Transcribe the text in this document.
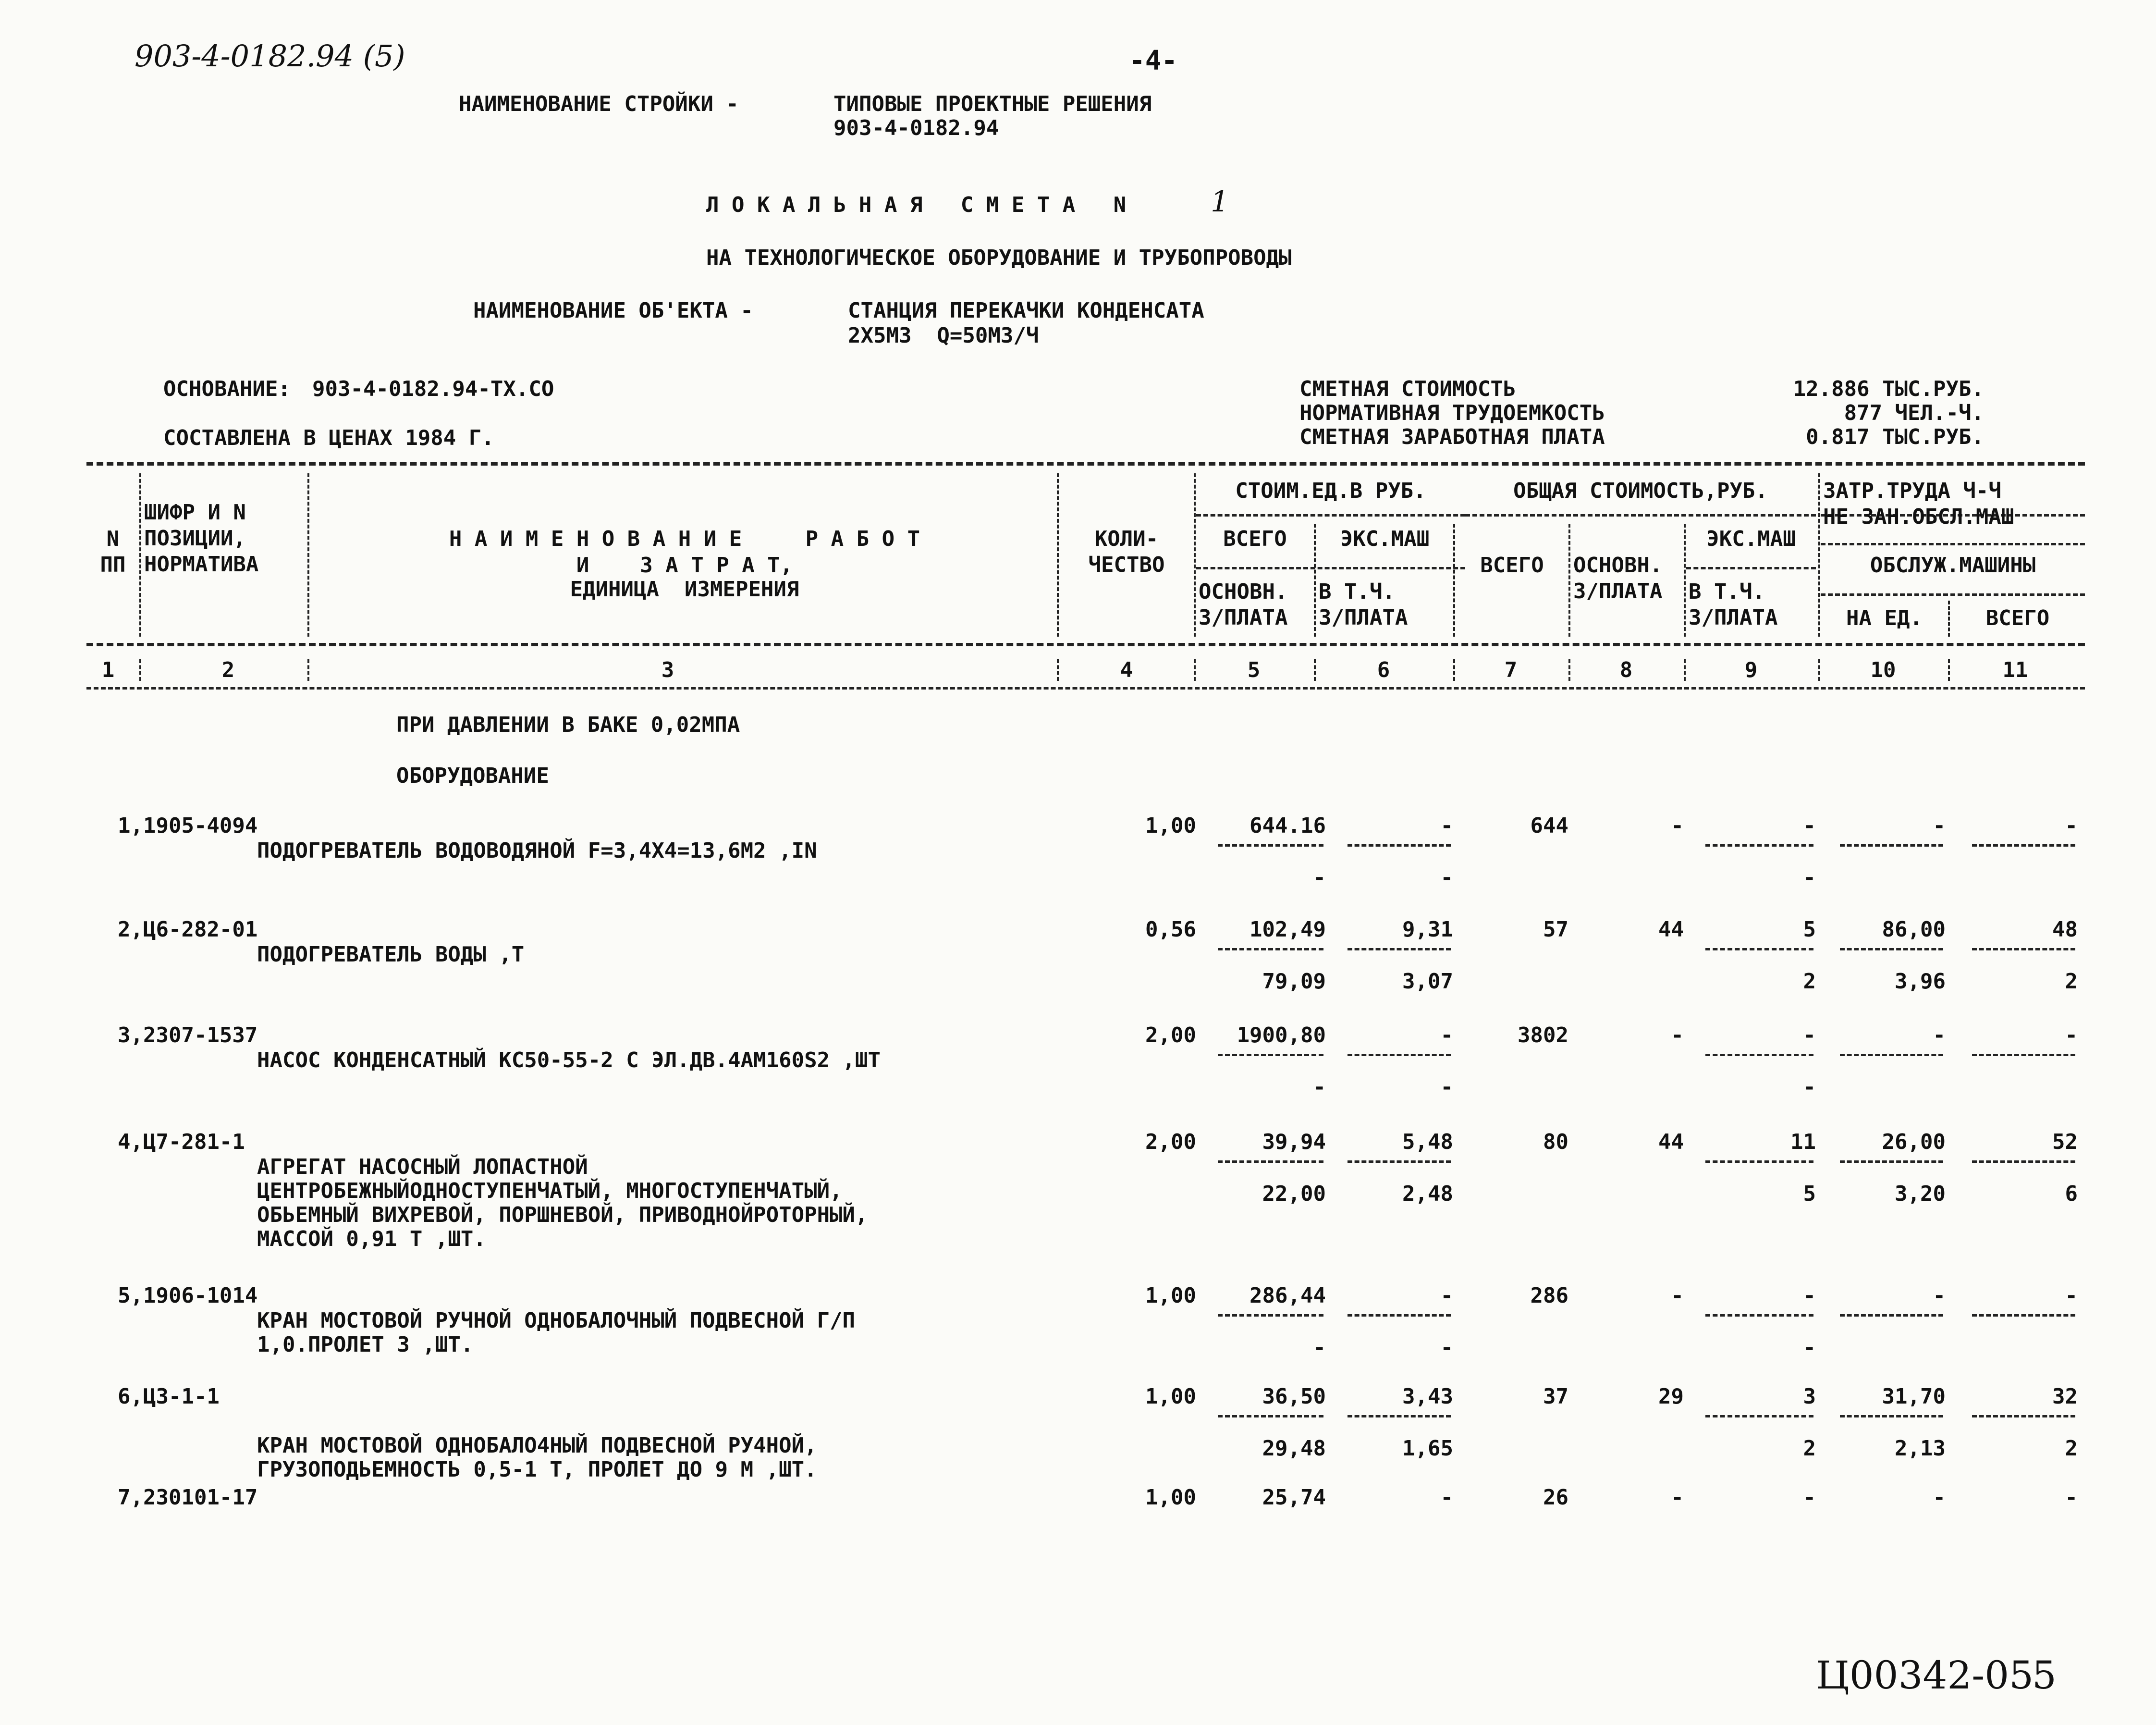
903-4-0182.94 (5)	-4-
НАИМЕНОВАНИЕ СТРОЙКИ -	ТИПОВЫЕ ПРОЕКТНЫЕ РЕШЕНИЯ
903-4-0182.94
Л О К А Л Ь Н А Я   С М Е Т А   N	1
НА ТЕХНОЛОГИЧЕСКОЕ ОБОРУДОВАНИЕ И ТРУБОПРОВОДЫ
НАИМЕНОВАНИЕ ОБ'ЕКТА -	СТАНЦИЯ ПЕРЕКАЧКИ КОНДЕНСАТА
2Х5М3  Q=50М3/Ч
ОСНОВАНИЕ: 903-4-0182.94-ТХ.СО
СОСТАВЛЕНА В ЦЕНАХ 1984 Г.
СМЕТНАЯ СТОИМОСТЬ
НОРМАТИВНАЯ ТРУДОЕМКОСТЬ
СМЕТНАЯ ЗАРАБОТНАЯ ПЛАТА
12.886 ТЫС.РУБ.
877 ЧЕЛ.-Ч.
0.817 ТЫС.РУБ.
N
ПП
ШИФР И N
ПОЗИЦИИ,
НОРМАТИВА
Н А И М Е Н О В А Н И Е     Р А Б О Т
И    З А Т Р А Т,
ЕДИНИЦА  ИЗМЕРЕНИЯ
КОЛИ-
ЧЕСТВО
СТОИМ.ЕД.В РУБ.
ВСЕГО	ЭКС.МАШ
ОСНОВН.
З/ПЛАТА
В Т.Ч.
З/ПЛАТА
ОБЩАЯ СТОИМОСТЬ,РУБ.
ВСЕГО	ОСНОВН.
З/ПЛАТА
ЭКС.МАШ
В Т.Ч.
З/ПЛАТА
ЗАТР.ТРУДА Ч-Ч
НЕ ЗАН.ОБСЛ.МАШ
ОБСЛУЖ.МАШИНЫ
НА ЕД.	ВСЕГО
1	2	3	4	5	6	7	8	9	10	11
ПРИ ДАВЛЕНИИ В БАКЕ 0,02МПА
ОБОРУДОВАНИЕ
1,1905-4094
ПОДОГРЕВАТЕЛЬ ВОДОВОДЯНОЙ F=3,4Х4=13,6М2 ,IN
1,00	644.16	-	644	-	-	-	-
-	-	-
2,Ц6-282-01
ПОДОГРЕВАТЕЛЬ ВОДЫ ,Т
0,56	102,49	9,31	57	44	5	86,00	48
79,09	3,07	2	3,96	2
3,2307-1537
НАСОС КОНДЕНСАТНЫЙ КС50-55-2 С ЭЛ.ДВ.4АМ160S2 ,ШТ
2,00	1900,80	-	3802	-	-	-	-
-	-	-
4,Ц7-281-1
АГРЕГАТ НАСОСНЫЙ ЛОПАСТНОЙ
ЦЕНТРОБЕЖНЫЙОДНОСТУПЕНЧАТЫЙ, МНОГОСТУПЕНЧАТЫЙ,
ОБЬЕМНЫЙ ВИХРЕВОЙ, ПОРШНЕВОЙ, ПРИВОДНОЙРОТОРНЫЙ,
МАССОЙ 0,91 Т ,ШТ.
2,00	39,94	5,48	80	44	11	26,00	52
22,00	2,48	5	3,20	6
5,1906-1014
КРАН МОСТОВОЙ РУЧНОЙ ОДНОБАЛОЧНЫЙ ПОДВЕСНОЙ Г/П
1,0.ПРОЛЕТ 3 ,ШТ.
1,00	286,44	-	286	-	-	-	-
-	-	-
6,Ц3-1-1
КРАН МОСТОВОЙ ОДНОБАЛО4НЫЙ ПОДВЕСНОЙ РУ4НОЙ,
ГРУЗОПОДЬЕМНОСТЬ 0,5-1 Т, ПРОЛЕТ ДО 9 М ,ШТ.
1,00	36,50	3,43	37	29	3	31,70	32
29,48	1,65	2	2,13	2
7,230101-17	1,00	25,74	-	26	-	-	-	-
Ц00342-05
5
